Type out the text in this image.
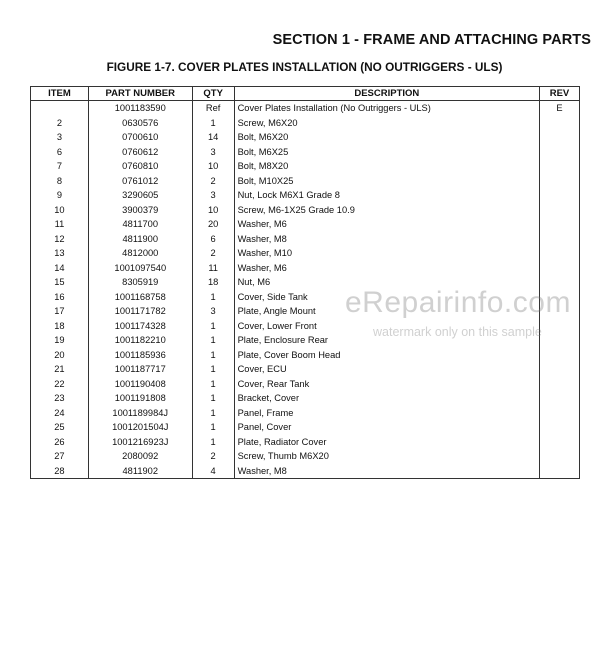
SECTION 1 - FRAME AND ATTACHING PARTS
FIGURE 1-7. COVER PLATES INSTALLATION (NO OUTRIGGERS - ULS)
ITEM	PART NUMBER	QTY	DESCRIPTION	REV
	1001183590	Ref	Cover Plates Installation (No Outriggers - ULS)	E
2	0630576	1	Screw, M6X20	
3	0700610	14	Bolt, M6X20	
6	0760612	3	Bolt, M6X25	
7	0760810	10	Bolt, M8X20	
8	0761012	2	Bolt, M10X25	
9	3290605	3	Nut, Lock M6X1 Grade 8	
10	3900379	10	Screw, M6-1X25 Grade 10.9	
11	4811700	20	Washer, M6	
12	4811900	6	Washer, M8	
13	4812000	2	Washer, M10	
14	1001097540	11	Washer, M6	
15	8305919	18	Nut, M6	
16	1001168758	1	Cover, Side Tank	
17	1001171782	3	Plate, Angle Mount	
18	1001174328	1	Cover, Lower Front	
19	1001182210	1	Plate, Enclosure Rear	
20	1001185936	1	Plate, Cover Boom Head	
21	1001187717	1	Cover, ECU	
22	1001190408	1	Cover, Rear Tank	
23	1001191808	1	Bracket, Cover	
24	1001189984J	1	Panel, Frame	
25	1001201504J	1	Panel, Cover	
26	1001216923J	1	Plate, Radiator Cover	
27	2080092	2	Screw, Thumb M6X20	
28	4811902	4	Washer, M8	
eRepairinfo.com
watermark only on this sample
